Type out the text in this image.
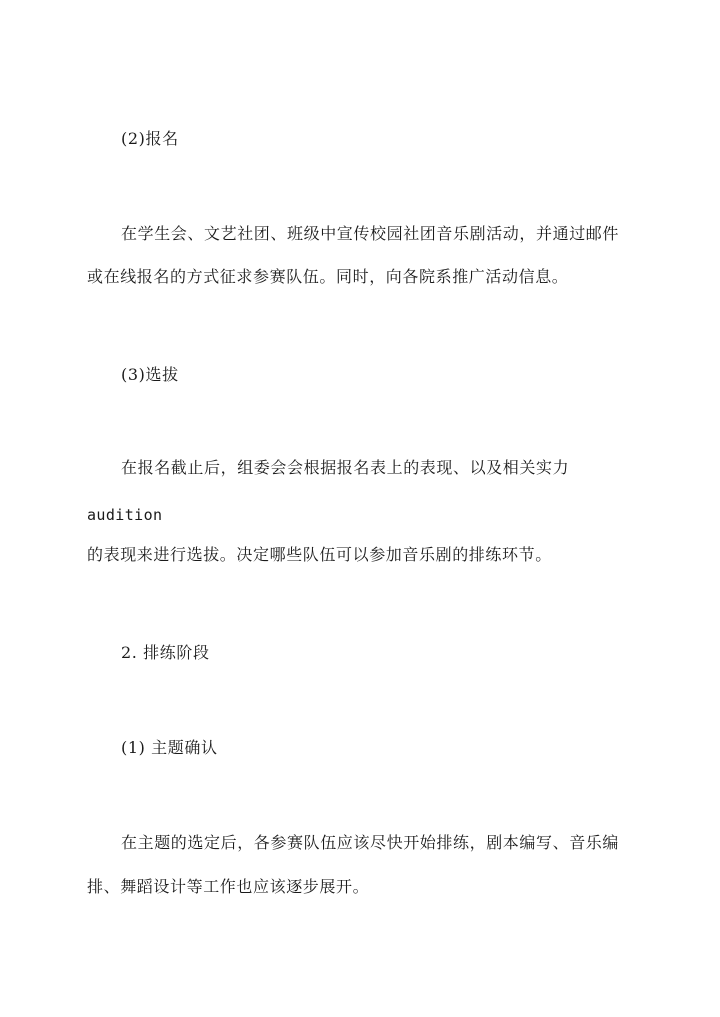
(2)报名
在学生会、文艺社团、班级中宣传校园社团音乐剧活动，并通过邮件
或在线报名的方式征求参赛队伍。同时，向各院系推广活动信息。
(3)选拔
在报名截止后，组委会会根据报名表上的表现、以及相关实力
audition
的表现来进行选拔。决定哪些队伍可以参加音乐剧的排练环节。
2. 排练阶段
(1) 主题确认
在主题的选定后，各参赛队伍应该尽快开始排练，剧本编写、音乐编
排、舞蹈设计等工作也应该逐步展开。
